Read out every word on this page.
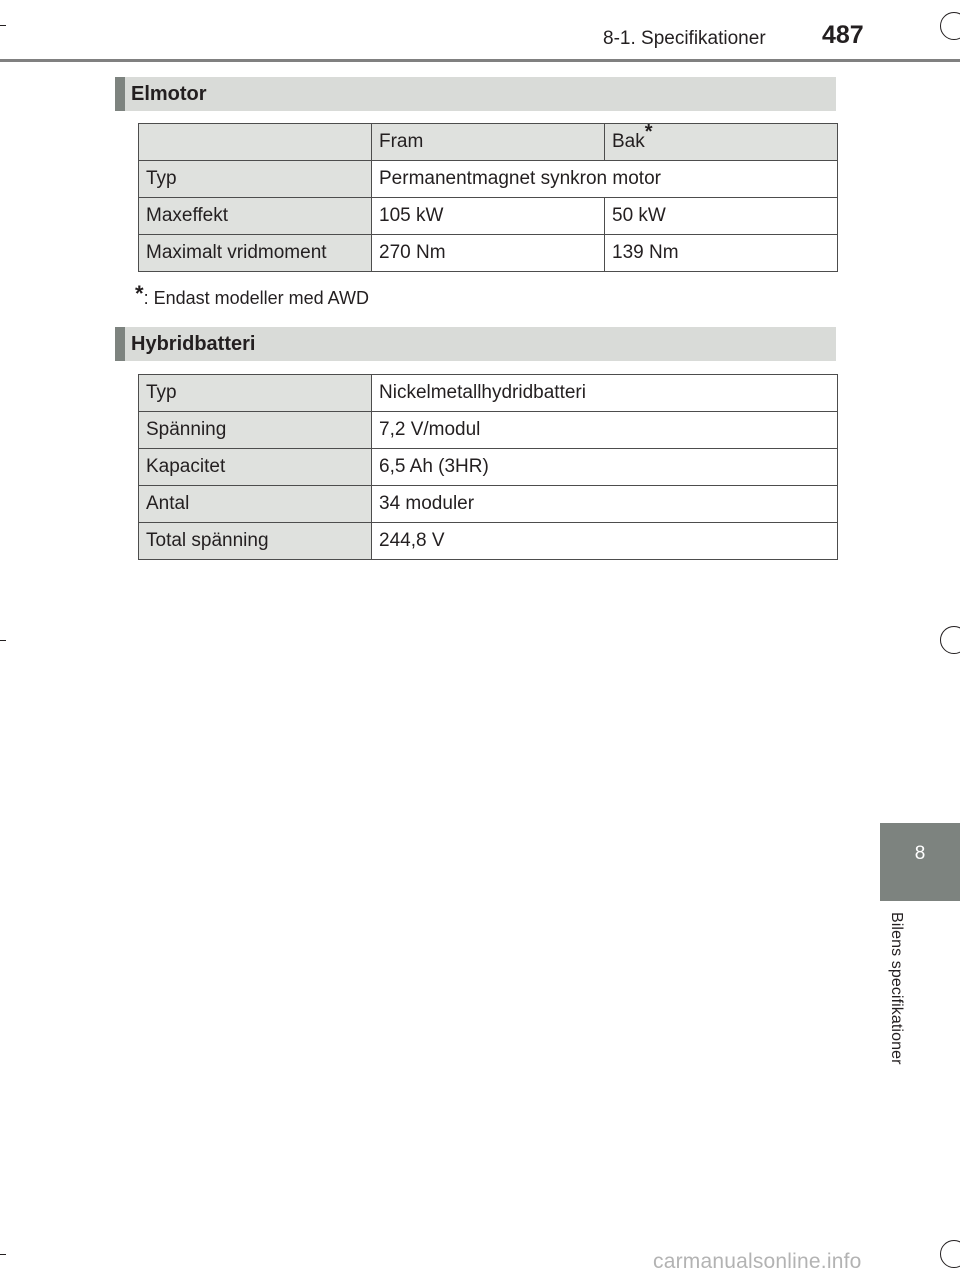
8-1. Specifikationer 487
Elmotor
	Fram	Bak*
Typ	Permanentmagnet synkron motor	
Maxeffekt	105 kW	50 kW
Maximalt vridmoment	270 Nm	139 Nm
*: Endast modeller med AWD
Hybridbatteri
Typ	Nickelmetallhydridbatteri
Spänning	7,2 V/modul
Kapacitet	6,5 Ah (3HR)
Antal	34 moduler
Total spänning	244,8 V
8
Bilens specifikationer
carmanualsonline.info
